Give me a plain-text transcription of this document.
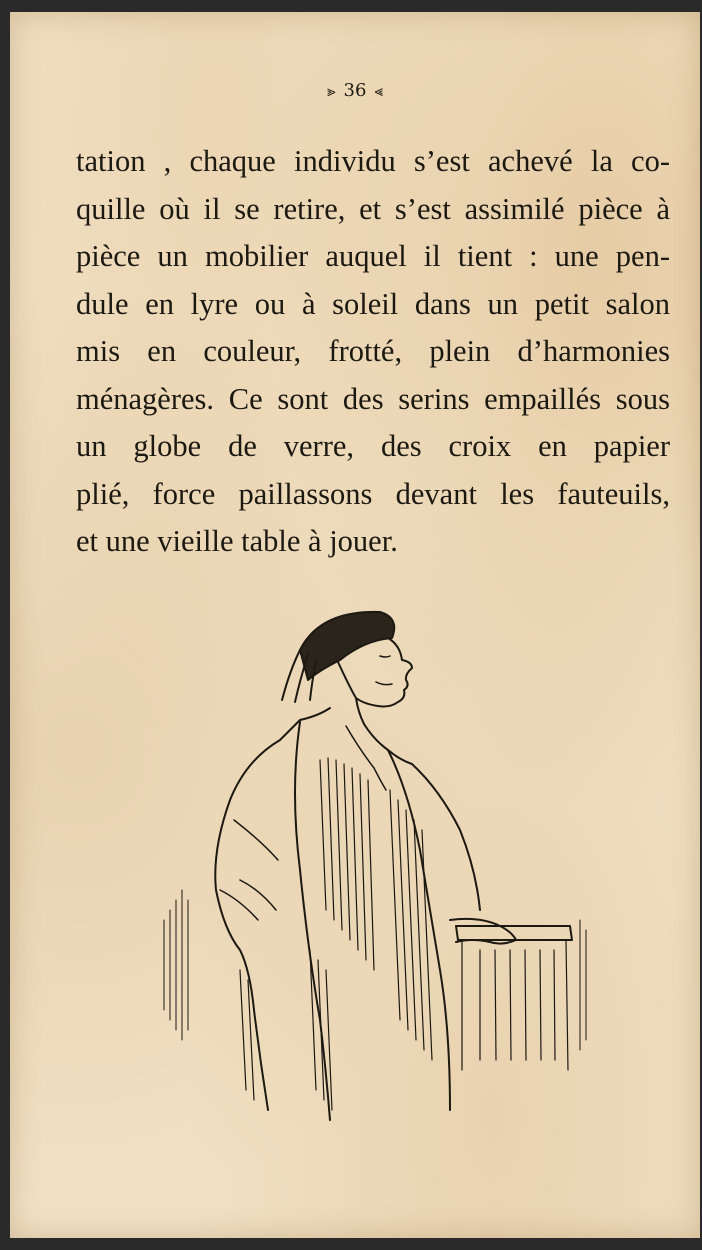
⪢ 36 ⪡
tation , chaque individu s’est achevé la co-
quille où il se retire, et s’est assimilé pièce à
pièce un mobilier auquel il tient : une pen-
dule en lyre ou à soleil dans un petit salon
mis en couleur, frotté, plein d’harmonies
ménagères. Ce sont des serins empaillés sous
un globe de verre, des croix en papier
plié, force paillassons devant les fauteuils,
et une vieille table à jouer.
